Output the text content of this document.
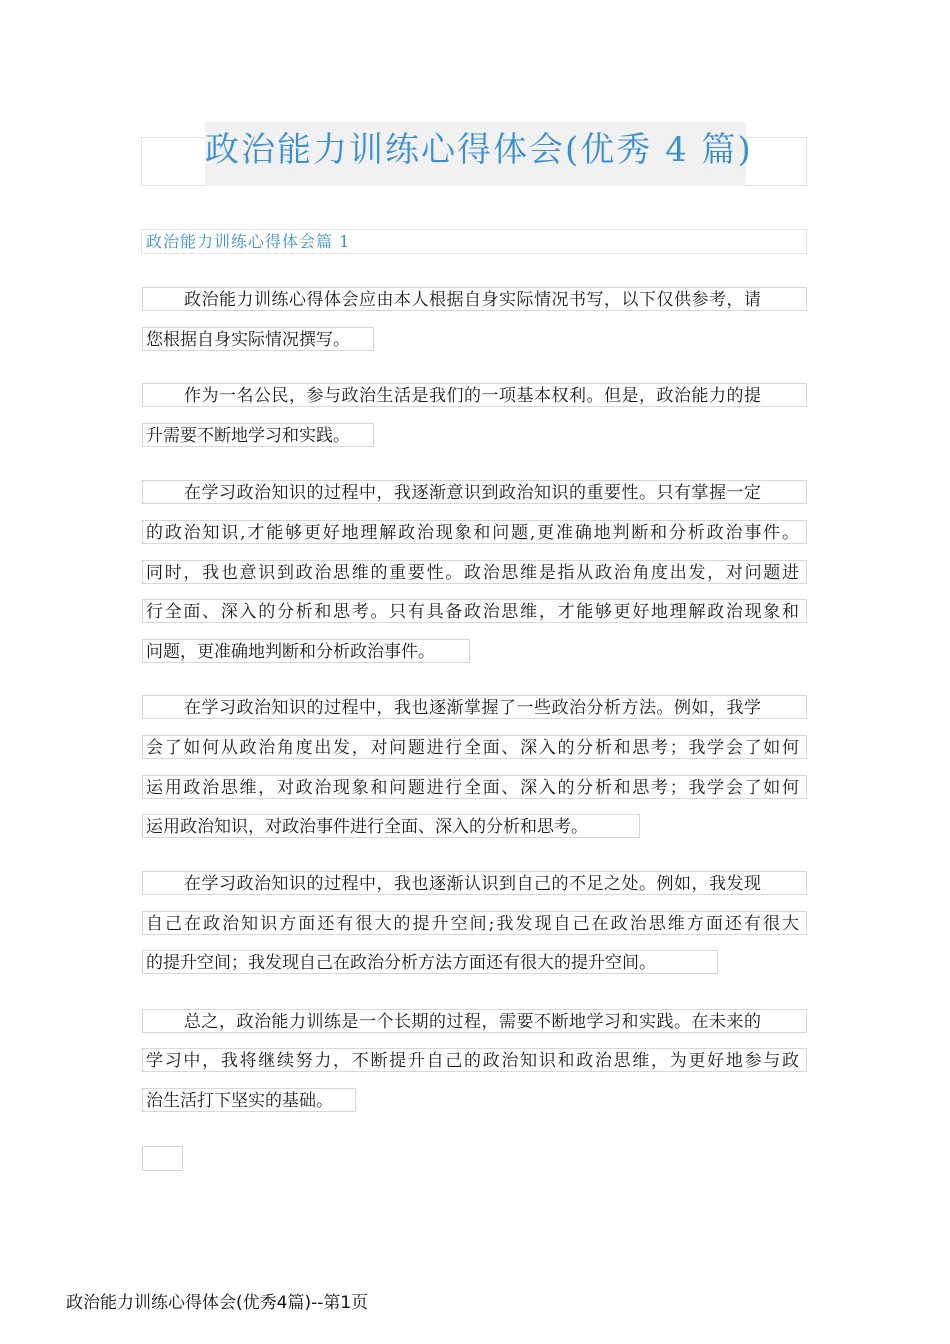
政治能力训练心得体会(优秀 4 篇)
政治能力训练心得体会篇 1
政治能力训练心得体会应由本人根据自身实际情况书写，以下仅供参考，请
您根据自身实际情况撰写。
作为一名公民，参与政治生活是我们的一项基本权利。但是，政治能力的提
升需要不断地学习和实践。
在学习政治知识的过程中，我逐渐意识到政治知识的重要性。只有掌握一定
的政治知识,才能够更好地理解政治现象和问题,更准确地判断和分析政治事件。
同时，我也意识到政治思维的重要性。政治思维是指从政治角度出发，对问题进
行全面、深入的分析和思考。只有具备政治思维，才能够更好地理解政治现象和
问题，更准确地判断和分析政治事件。
在学习政治知识的过程中，我也逐渐掌握了一些政治分析方法。例如，我学
会了如何从政治角度出发，对问题进行全面、深入的分析和思考；我学会了如何
运用政治思维，对政治现象和问题进行全面、深入的分析和思考；我学会了如何
运用政治知识，对政治事件进行全面、深入的分析和思考。
在学习政治知识的过程中，我也逐渐认识到自己的不足之处。例如，我发现
自己在政治知识方面还有很大的提升空间;我发现自己在政治思维方面还有很大
的提升空间；我发现自己在政治分析方法方面还有很大的提升空间。
总之，政治能力训练是一个长期的过程，需要不断地学习和实践。在未来的
学习中，我将继续努力，不断提升自己的政治知识和政治思维，为更好地参与政
治生活打下坚实的基础。
政治能力训练心得体会(优秀4篇)--第1页
